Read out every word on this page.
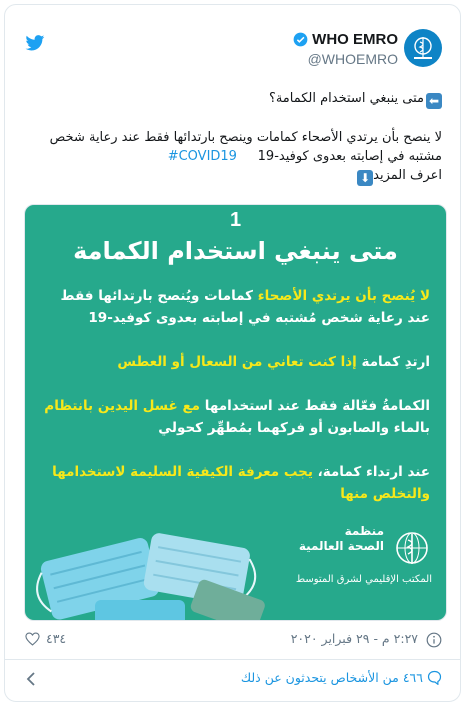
WHO EMRO
@WHOEMRO
⬅متى ينبغي استخدام الكمامة؟
لا ينصح بأن يرتدي الأصحاء كمامات وينصح بارتدائها فقط عند رعاية شخص
مشتبه في إصابته بعدوى كوفيد-19     #COVID19
اعرف المزيد⬇
1
متى ينبغي استخدام الكمامة

لا يُنصح بأن يرتدي الأصحاء كمامات ويُنصح بارتدائها فقط عند رعاية شخص مُشتبه في إصابته بعدوى كوفيد-19

ارتدِ كمامة إذا كنت تعاني من السعال أو العطس

الكمامةُ فعّالة فقط عند استخدامها مع غسل اليدين بانتظام بالماء والصابون أو فركهما بمُطهِّر كحولي

عند ارتداء كمامة، يجب معرفة الكيفية السليمة لاستخدامها والتخلص منها

منظمة
الصحة العالمية
المكتب الإقليمي لشرق المتوسط
٢:٢٧ م - ٢٩ فبراير ٢٠٢٠
٤٣٤
٤٦٦ من الأشخاص يتحدثون عن ذلك
